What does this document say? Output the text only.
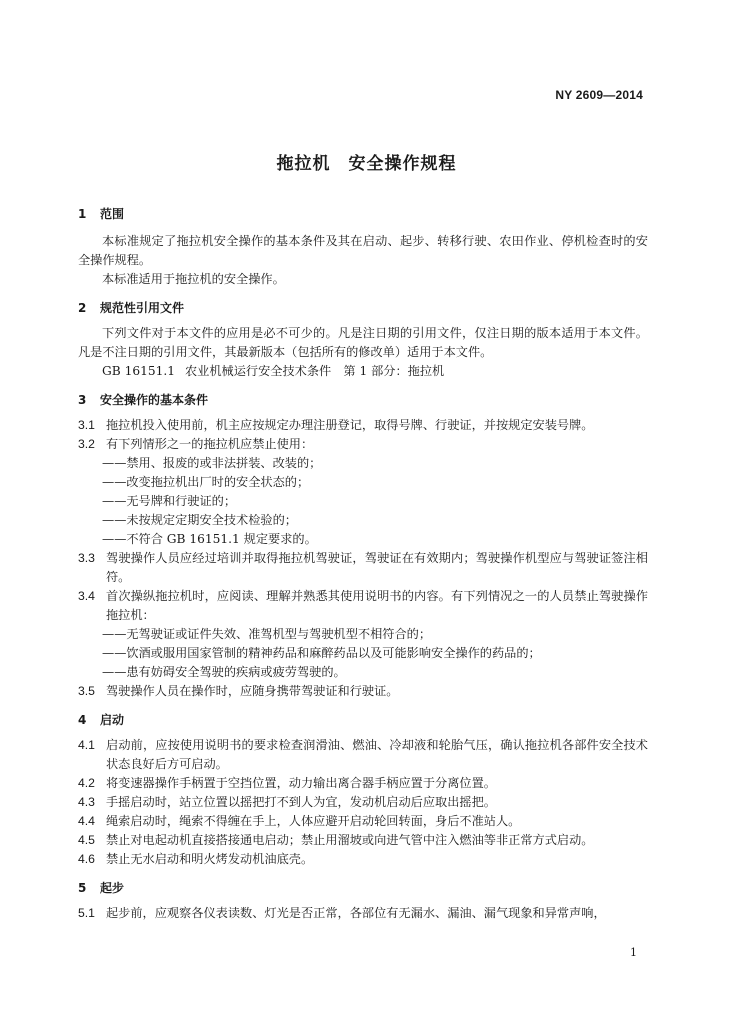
NY 2609—2014
拖拉机　安全操作规程
1	范围
本标准规定了拖拉机安全操作的基本条件及其在启动、起步、转移行驶、农田作业、停机检查时的安全操作规程。
本标准适用于拖拉机的安全操作。
2	规范性引用文件
下列文件对于本文件的应用是必不可少的。凡是注日期的引用文件，仅注日期的版本适用于本文件。凡是不注日期的引用文件，其最新版本（包括所有的修改单）适用于本文件。
GB 16151.1 农业机械运行安全技术条件　第 1 部分：拖拉机
3	安全操作的基本条件
3.1 拖拉机投入使用前，机主应按规定办理注册登记，取得号牌、行驶证，并按规定安装号牌。
3.2 有下列情形之一的拖拉机应禁止使用：
——禁用、报废的或非法拼装、改装的；
——改变拖拉机出厂时的安全状态的；
——无号牌和行驶证的；
——未按规定定期安全技术检验的；
——不符合 GB 16151.1 规定要求的。
3.3 驾驶操作人员应经过培训并取得拖拉机驾驶证，驾驶证在有效期内；驾驶操作机型应与驾驶证签注相符。
3.4 首次操纵拖拉机时，应阅读、理解并熟悉其使用说明书的内容。有下列情况之一的人员禁止驾驶操作拖拉机：
——无驾驶证或证件失效、准驾机型与驾驶机型不相符合的；
——饮酒或服用国家管制的精神药品和麻醉药品以及可能影响安全操作的药品的；
——患有妨碍安全驾驶的疾病或疲劳驾驶的。
3.5 驾驶操作人员在操作时，应随身携带驾驶证和行驶证。
4	启动
4.1 启动前，应按使用说明书的要求检查润滑油、燃油、冷却液和轮胎气压，确认拖拉机各部件安全技术状态良好后方可启动。
4.2 将变速器操作手柄置于空挡位置，动力输出离合器手柄应置于分离位置。
4.3 手摇启动时，站立位置以摇把打不到人为宜，发动机启动后应取出摇把。
4.4 绳索启动时，绳索不得缠在手上，人体应避开启动轮回转面，身后不准站人。
4.5 禁止对电起动机直接搭接通电启动；禁止用溜坡或向进气管中注入燃油等非正常方式启动。
4.6 禁止无水启动和明火烤发动机油底壳。
5	起步
5.1 起步前，应观察各仪表读数、灯光是否正常，各部位有无漏水、漏油、漏气现象和异常声响，
1
